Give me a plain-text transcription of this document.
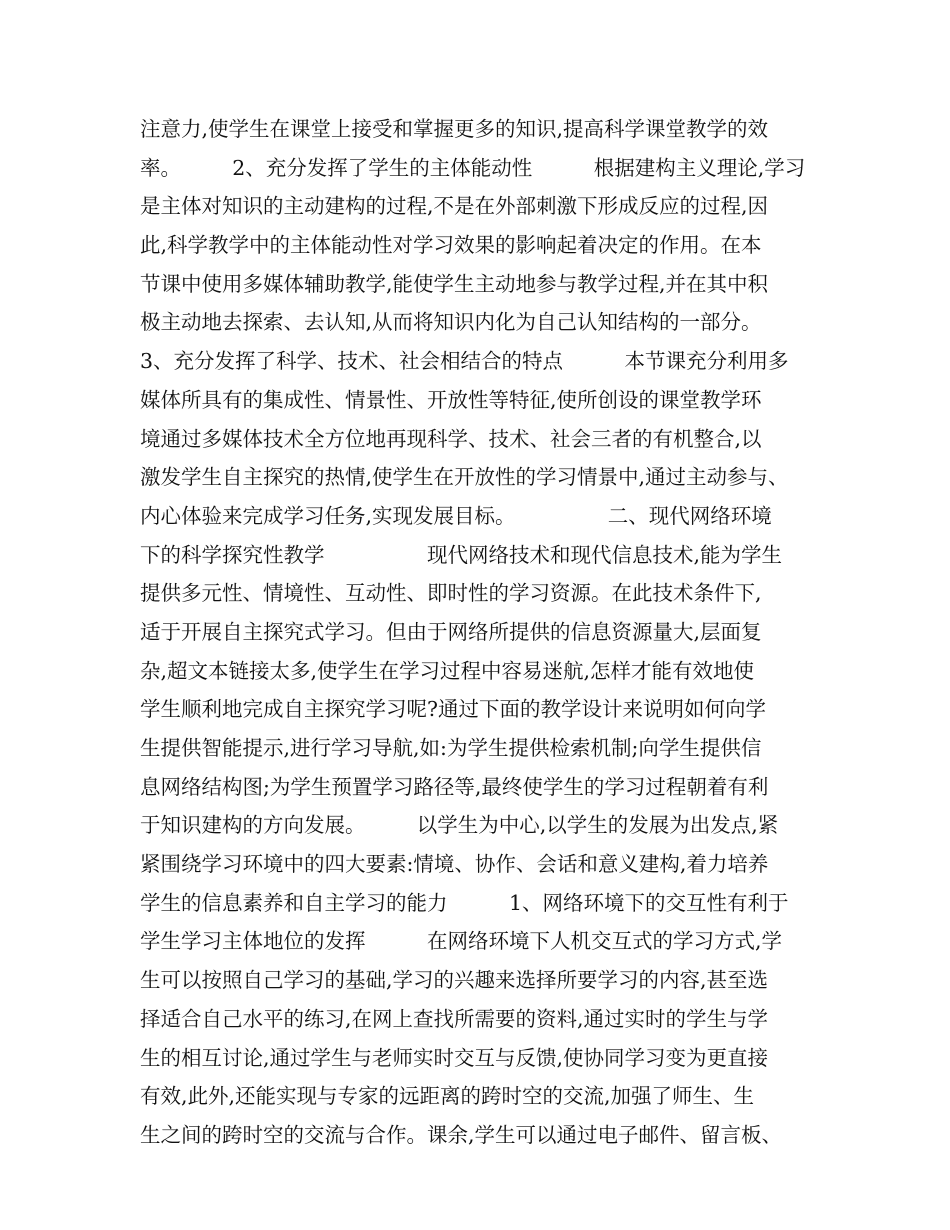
注意力,使学生在课堂上接受和掌握更多的知识,提高科学课堂教学的效
率。　　　2、充分发挥了学生的主体能动性　　　根据建构主义理论,学习
是主体对知识的主动建构的过程,不是在外部刺激下形成反应的过程,因
此,科学教学中的主体能动性对学习效果的影响起着决定的作用。在本
节课中使用多媒体辅助教学,能使学生主动地参与教学过程,并在其中积
极主动地去探索、去认知,从而将知识内化为自己认知结构的一部分。
3、充分发挥了科学、技术、社会相结合的特点　　　本节课充分利用多
媒体所具有的集成性、情景性、开放性等特征,使所创设的课堂教学环
境通过多媒体技术全方位地再现科学、技术、社会三者的有机整合,以
激发学生自主探究的热情,使学生在开放性的学习情景中,通过主动参与、
内心体验来完成学习任务,实现发展目标。　　　　　二、现代网络环境
下的科学探究性教学　　　　　现代网络技术和现代信息技术,能为学生
提供多元性、情境性、互动性、即时性的学习资源。在此技术条件下,
适于开展自主探究式学习。但由于网络所提供的信息资源量大,层面复
杂,超文本链接太多,使学生在学习过程中容易迷航,怎样才能有效地使
学生顺利地完成自主探究学习呢?通过下面的教学设计来说明如何向学
生提供智能提示,进行学习导航,如:为学生提供检索机制;向学生提供信
息网络结构图;为学生预置学习路径等,最终使学生的学习过程朝着有利
于知识建构的方向发展。　　　以学生为中心,以学生的发展为出发点,紧
紧围绕学习环境中的四大要素:情境、协作、会话和意义建构,着力培养
学生的信息素养和自主学习的能力　　　1、网络环境下的交互性有利于
学生学习主体地位的发挥　　　在网络环境下人机交互式的学习方式,学
生可以按照自己学习的基础,学习的兴趣来选择所要学习的内容,甚至选
择适合自己水平的练习,在网上查找所需要的资料,通过实时的学生与学
生的相互讨论,通过学生与老师实时交互与反馈,使协同学习变为更直接
有效,此外,还能实现与专家的远距离的跨时空的交流,加强了师生、生
生之间的跨时空的交流与合作。课余,学生可以通过电子邮件、留言板、
